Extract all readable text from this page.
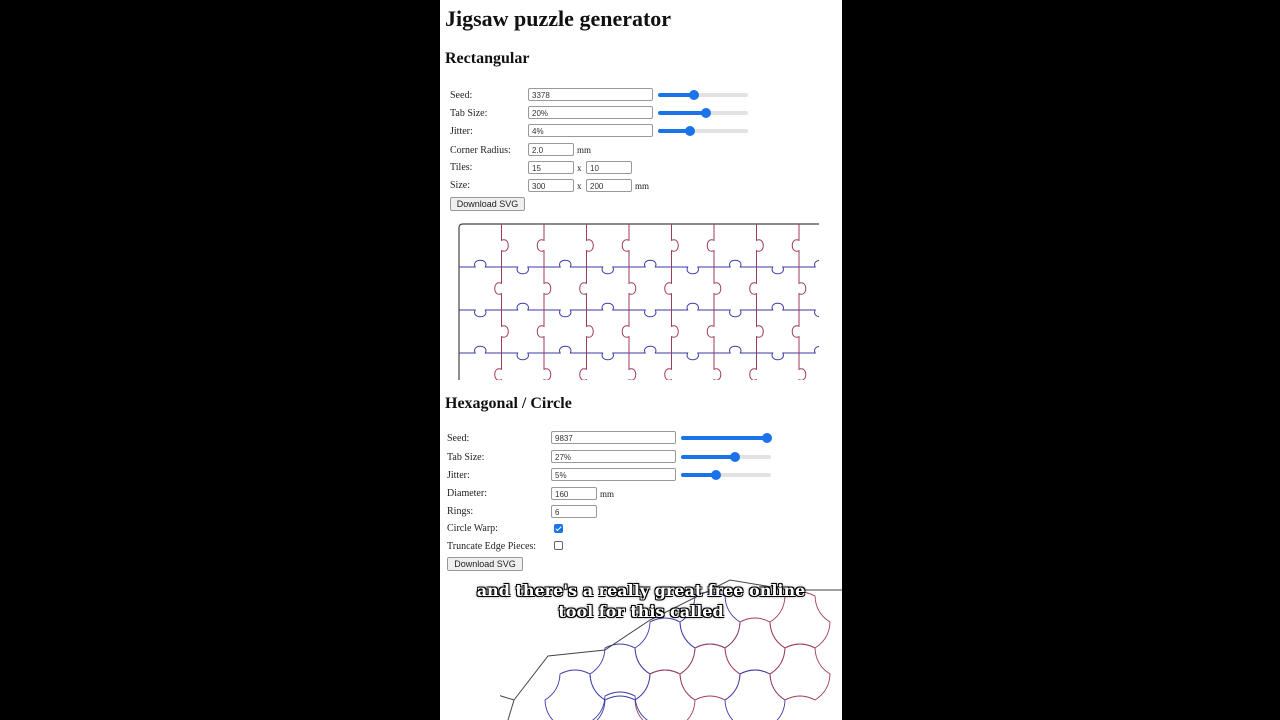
Jigsaw puzzle generator
Rectangular
Seed:	3378
Tab Size:	20%
Jitter:	4%
Corner Radius:	2.0	mm
Tiles:	15	x	10
Size:	300	x	200	mm
Download SVG
Hexagonal / Circle
Seed:	9837
Tab Size:	27%
Jitter:	5%
Diameter:	160	mm
Rings:	6
Circle Warp:
Truncate Edge Pieces:
Download SVG
and there's a really great free online
tool for this called
